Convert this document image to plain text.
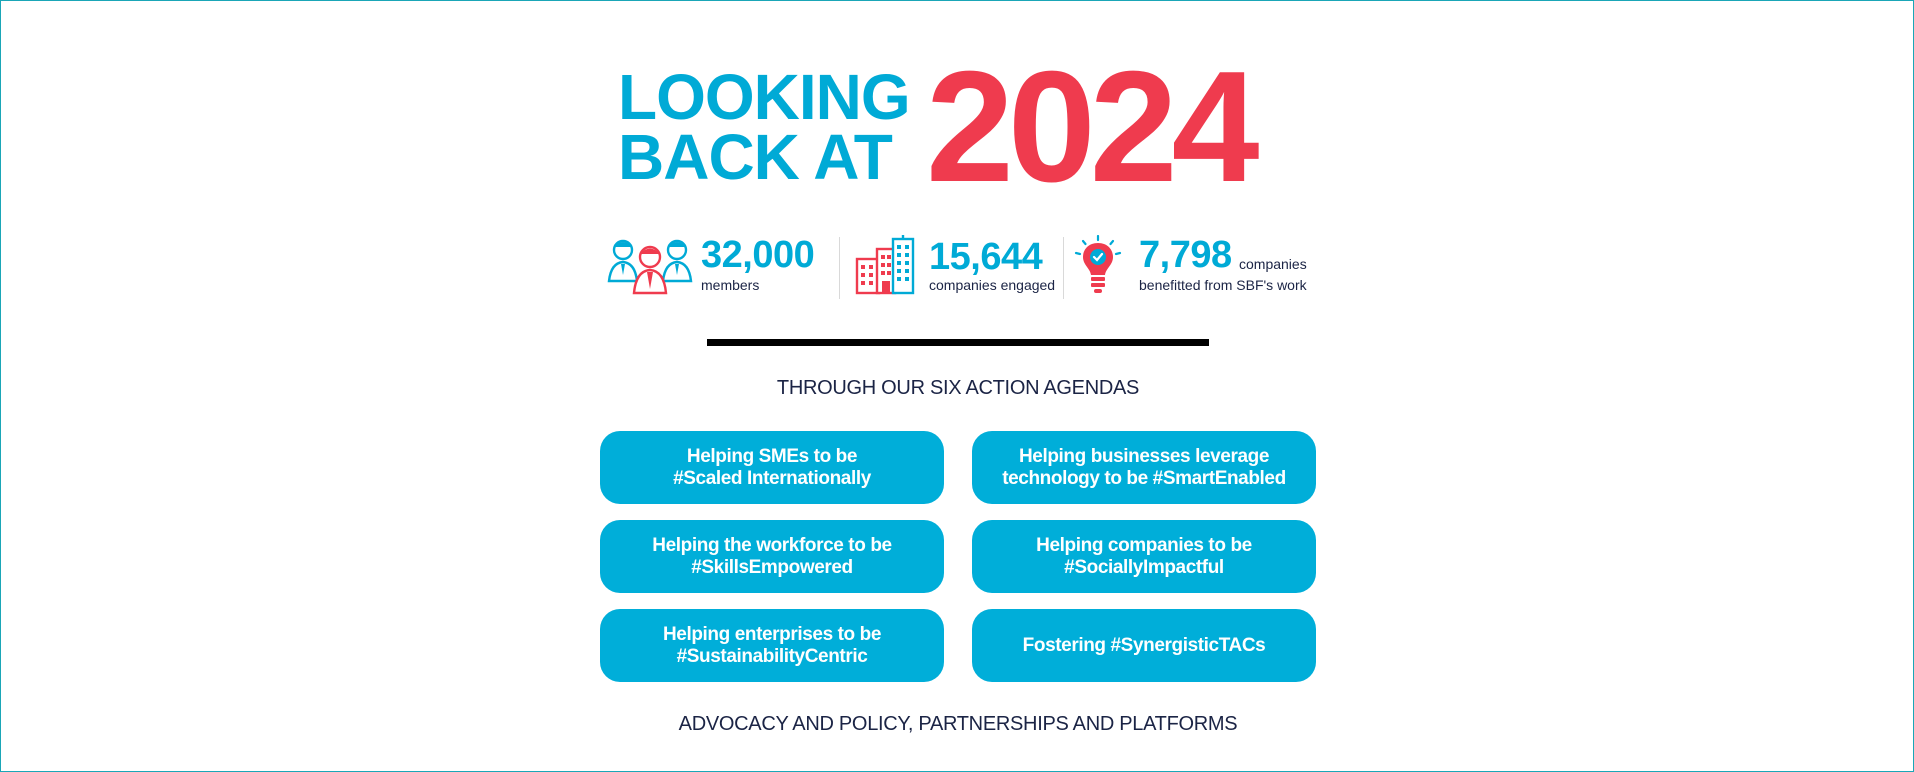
LOOKING
BACK AT 2024
32,000
members
15,644
companies engaged
7,798 companies
benefitted from SBF's work
THROUGH OUR SIX ACTION AGENDAS
Helping SMEs to be
#Scaled Internationally
Helping businesses leverage
technology to be #SmartEnabled
Helping the workforce to be
#SkillsEmpowered
Helping companies to be
#SociallyImpactful
Helping enterprises to be
#SustainabilityCentric
Fostering #SynergisticTACs
ADVOCACY AND POLICY, PARTNERSHIPS AND PLATFORMS
